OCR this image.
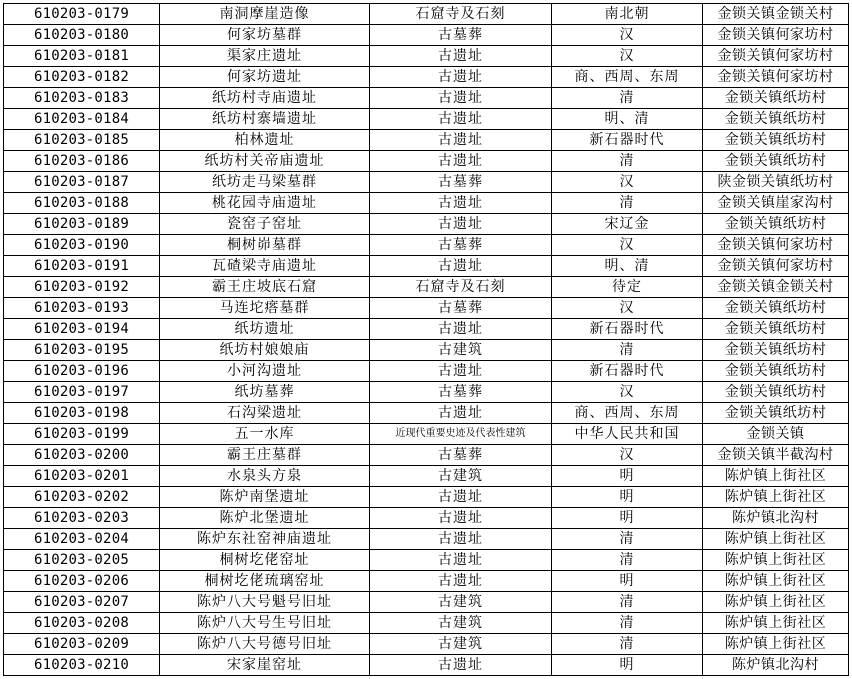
610203-0179	南洞摩崖造像	石窟寺及石刻	南北朝	金锁关镇金锁关村
610203-0180	何家坊墓群	古墓葬	汉	金锁关镇何家坊村
610203-0181	渠家庄遗址	古遗址	汉	金锁关镇何家坊村
610203-0182	何家坊遗址	古遗址	商、西周、东周	金锁关镇何家坊村
610203-0183	纸坊村寺庙遗址	古遗址	清	金锁关镇纸坊村
610203-0184	纸坊村寨墙遗址	古遗址	明、清	金锁关镇纸坊村
610203-0185	柏林遗址	古遗址	新石器时代	金锁关镇纸坊村
610203-0186	纸坊村关帝庙遗址	古遗址	清	金锁关镇纸坊村
610203-0187	纸坊走马梁墓群	古墓葬	汉	陕金锁关镇纸坊村
610203-0188	桃花园寺庙遗址	古遗址	清	金锁关镇崖家沟村
610203-0189	瓷窑子窑址	古遗址	宋辽金	金锁关镇纸坊村
610203-0190	桐树峁墓群	古墓葬	汉	金锁关镇何家坊村
610203-0191	瓦碴梁寺庙遗址	古遗址	明、清	金锁关镇何家坊村
610203-0192	霸王庄坡底石窟	石窟寺及石刻	待定	金锁关镇金锁关村
610203-0193	马连坨瘩墓群	古墓葬	汉	金锁关镇纸坊村
610203-0194	纸坊遗址	古遗址	新石器时代	金锁关镇纸坊村
610203-0195	纸坊村娘娘庙	古建筑	清	金锁关镇纸坊村
610203-0196	小河沟遗址	古遗址	新石器时代	金锁关镇纸坊村
610203-0197	纸坊墓葬	古墓葬	汉	金锁关镇纸坊村
610203-0198	石沟梁遗址	古遗址	商、西周、东周	金锁关镇纸坊村
610203-0199	五一水库	近现代重要史迹及代表性建筑	中华人民共和国	金锁关镇
610203-0200	霸王庄墓群	古墓葬	汉	金锁关镇半截沟村
610203-0201	水泉头方泉	古建筑	明	陈炉镇上街社区
610203-0202	陈炉南堡遗址	古遗址	明	陈炉镇上街社区
610203-0203	陈炉北堡遗址	古遗址	明	陈炉镇北沟村
610203-0204	陈炉东社窑神庙遗址	古遗址	清	陈炉镇上街社区
610203-0205	桐树圪佬窑址	古遗址	清	陈炉镇上街社区
610203-0206	桐树圪佬琉璃窑址	古遗址	明	陈炉镇上街社区
610203-0207	陈炉八大号魁号旧址	古建筑	清	陈炉镇上街社区
610203-0208	陈炉八大号生号旧址	古建筑	清	陈炉镇上街社区
610203-0209	陈炉八大号德号旧址	古建筑	清	陈炉镇上街社区
610203-0210	宋家崖窑址	古遗址	明	陈炉镇北沟村
